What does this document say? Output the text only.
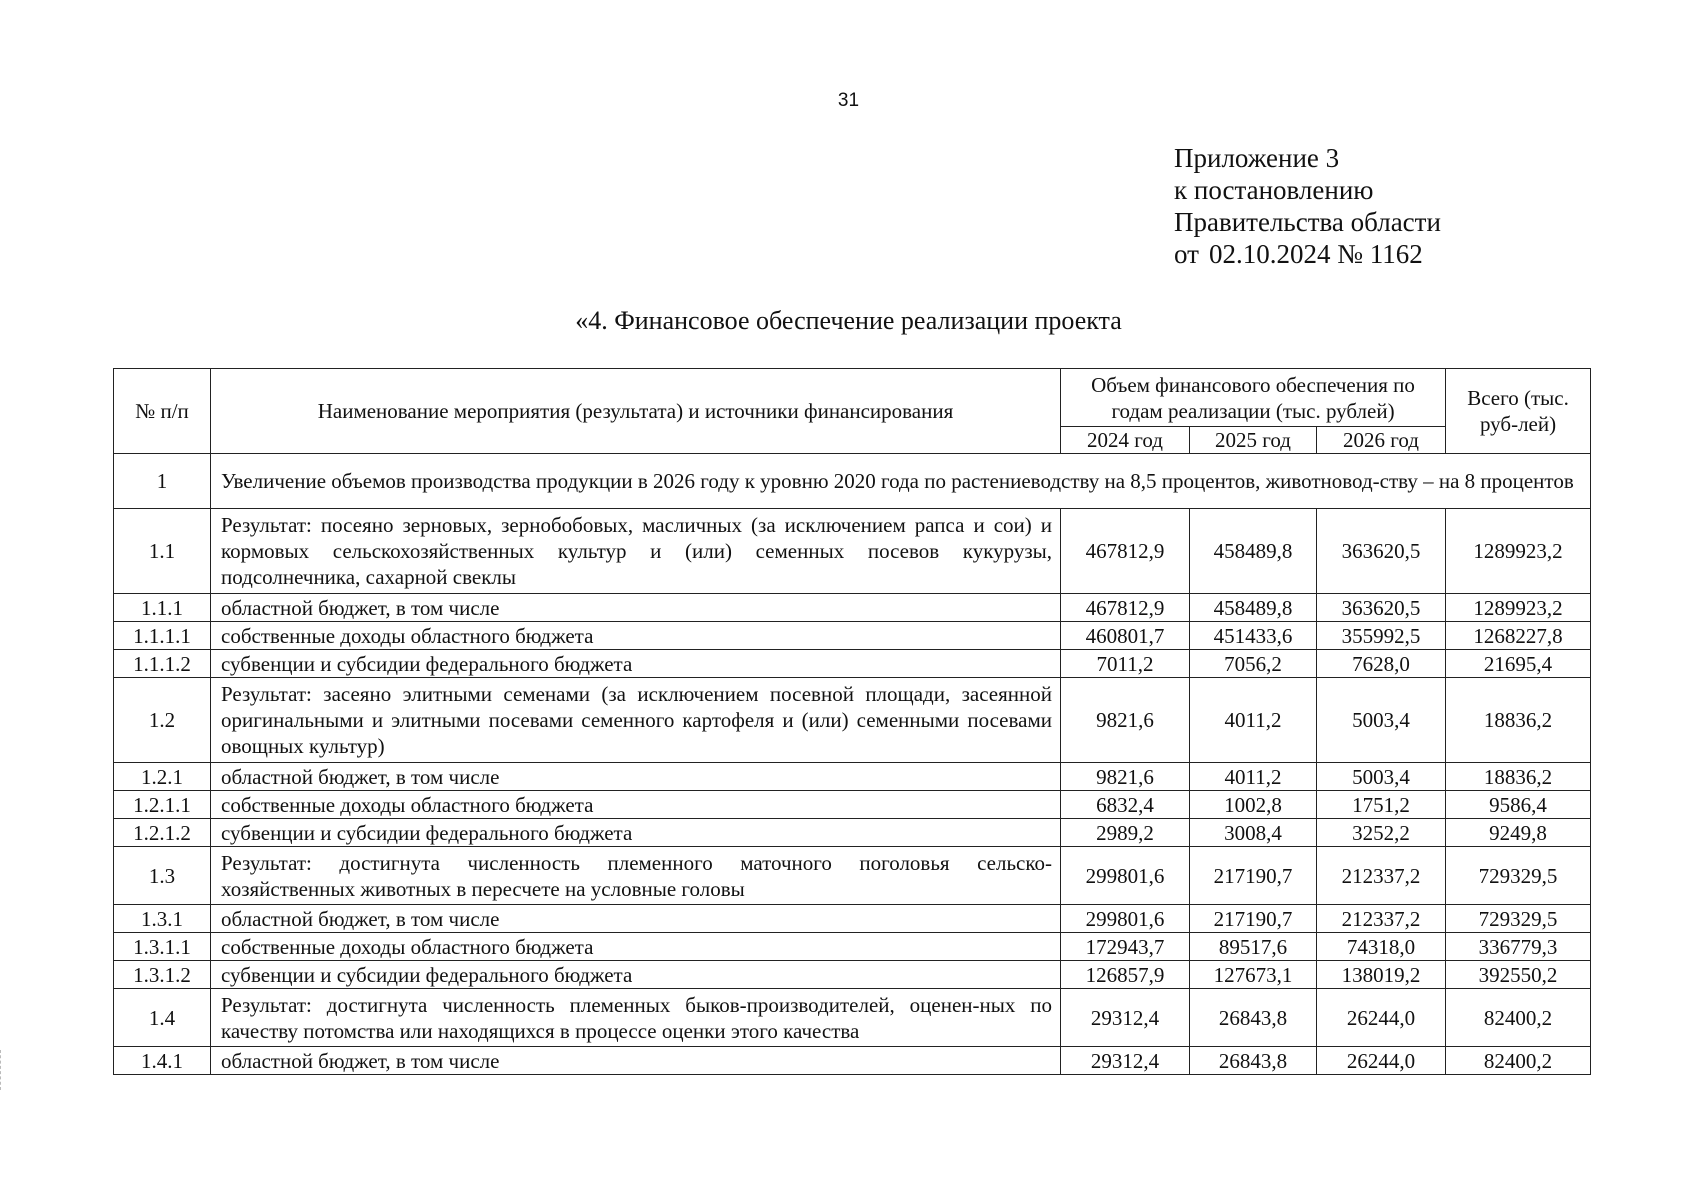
31
Приложение 3
к постановлению
Правительства области
от 02.10.2024 № 1162
«4. Финансовое обеспечение реализации проекта
№ п/п	Наименование мероприятия (результата) и источники финансирования	Объем финансового обеспечения по годам реализации (тыс. рублей)			Всего (тыс. руб-лей)
		2024 год	2025 год	2026 год	
1	Увеличение объемов производства продукции в 2026 году к уровню 2020 года по растениеводству на 8,5 процентов, животновод-ству – на 8 процентов				
1.1	Результат: посеяно зерновых, зернобобовых, масличных (за исключением рапса и сои) и кормовых сельскохозяйственных культур и (или) семенных посевов кукурузы, подсолнечника, сахарной свеклы	467812,9	458489,8	363620,5	1289923,2
1.1.1	областной бюджет, в том числе	467812,9	458489,8	363620,5	1289923,2
1.1.1.1	собственные доходы областного бюджета	460801,7	451433,6	355992,5	1268227,8
1.1.1.2	субвенции и субсидии федерального бюджета	7011,2	7056,2	7628,0	21695,4
1.2	Результат: засеяно элитными семенами (за исключением посевной площади, засеянной оригинальными и элитными посевами семенного картофеля и (или) семенными посевами овощных культур)	9821,6	4011,2	5003,4	18836,2
1.2.1	областной бюджет, в том числе	9821,6	4011,2	5003,4	18836,2
1.2.1.1	собственные доходы областного бюджета	6832,4	1002,8	1751,2	9586,4
1.2.1.2	субвенции и субсидии федерального бюджета	2989,2	3008,4	3252,2	9249,8
1.3	Результат: достигнута численность племенного маточного поголовья сельско-хозяйственных животных в пересчете на условные головы	299801,6	217190,7	212337,2	729329,5
1.3.1	областной бюджет, в том числе	299801,6	217190,7	212337,2	729329,5
1.3.1.1	собственные доходы областного бюджета	172943,7	89517,6	74318,0	336779,3
1.3.1.2	субвенции и субсидии федерального бюджета	126857,9	127673,1	138019,2	392550,2
1.4	Результат: достигнута численность племенных быков-производителей, оценен-ных по качеству потомства или находящихся в процессе оценки этого качества	29312,4	26843,8	26244,0	82400,2
1.4.1	областной бюджет, в том числе	29312,4	26843,8	26244,0	82400,2
